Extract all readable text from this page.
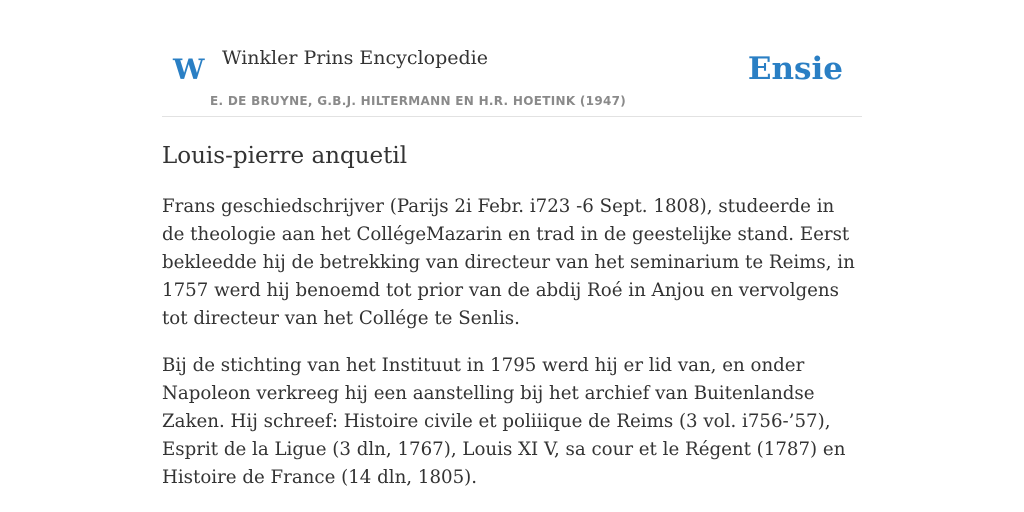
W Winkler Prins Encyclopedie
E. DE BRUYNE, G.B.J. HILTERMANN EN H.R. HOETINK (1947)
Ensie
Louis-pierre anquetil

Frans geschiedschrijver (Parijs 2i Febr. i723 -6 Sept. 1808), studeerde in de theologie aan het CollégeMazarin en trad in de geestelijke stand. Eerst bekleedde hij de betrekking van directeur van het seminarium te Reims, in 1757 werd hij benoemd tot prior van de abdij Roé in Anjou en vervolgens tot directeur van het Collége te Senlis.

Bij de stichting van het Instituut in 1795 werd hij er lid van, en onder Napoleon verkreeg hij een aanstelling bij het archief van Buitenlandse Zaken. Hij schreef: Histoire civile et poliiique de Reims (3 vol. i756-’57), Esprit de la Ligue (3 dln, 1767), Louis XI V, sa cour et le Régent (1787) en Histoire de France (14 dln, 1805).
